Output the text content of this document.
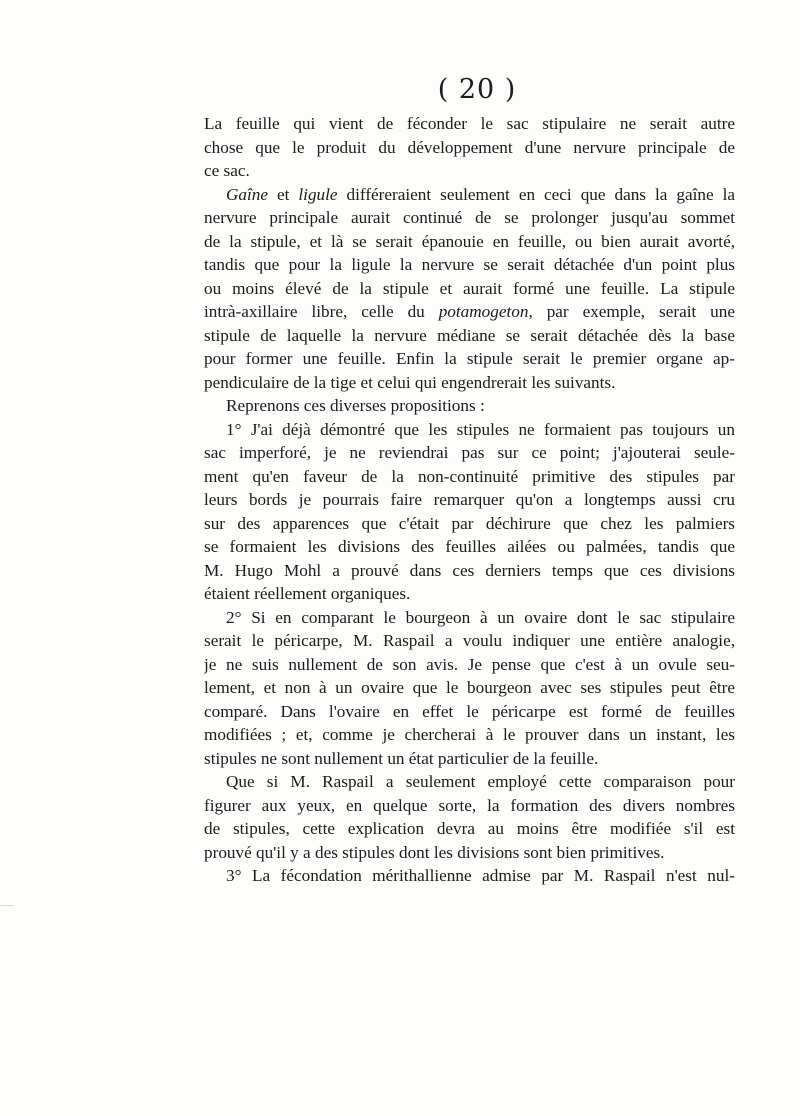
( 20 )
La feuille qui vient de féconder le sac stipulaire ne serait autre
chose que le produit du développement d'une nervure principale de
ce sac.
Gaîne et ligule différeraient seulement en ceci que dans la gaîne la
nervure principale aurait continué de se prolonger jusqu'au sommet
de la stipule, et là se serait épanouie en feuille, ou bien aurait avorté,
tandis que pour la ligule la nervure se serait détachée d'un point plus
ou moins élevé de la stipule et aurait formé une feuille. La stipule
intrà-axillaire libre, celle du potamogeton, par exemple, serait une
stipule de laquelle la nervure médiane se serait détachée dès la base
pour former une feuille. Enfin la stipule serait le premier organe ap-
pendiculaire de la tige et celui qui engendrerait les suivants.
Reprenons ces diverses propositions :
1° J'ai déjà démontré que les stipules ne formaient pas toujours un
sac imperforé, je ne reviendrai pas sur ce point; j'ajouterai seule-
ment qu'en faveur de la non-continuité primitive des stipules par
leurs bords je pourrais faire remarquer qu'on a longtemps aussi cru
sur des apparences que c'était par déchirure que chez les palmiers
se formaient les divisions des feuilles ailées ou palmées, tandis que
M. Hugo Mohl a prouvé dans ces derniers temps que ces divisions
étaient réellement organiques.
2° Si en comparant le bourgeon à un ovaire dont le sac stipulaire
serait le péricarpe, M. Raspail a voulu indiquer une entière analogie,
je ne suis nullement de son avis. Je pense que c'est à un ovule seu-
lement, et non à un ovaire que le bourgeon avec ses stipules peut être
comparé. Dans l'ovaire en effet le péricarpe est formé de feuilles
modifiées ; et, comme je chercherai à le prouver dans un instant, les
stipules ne sont nullement un état particulier de la feuille.
Que si M. Raspail a seulement employé cette comparaison pour
figurer aux yeux, en quelque sorte, la formation des divers nombres
de stipules, cette explication devra au moins être modifiée s'il est
prouvé qu'il y a des stipules dont les divisions sont bien primitives.
3° La fécondation mérithallienne admise par M. Raspail n'est nul-
